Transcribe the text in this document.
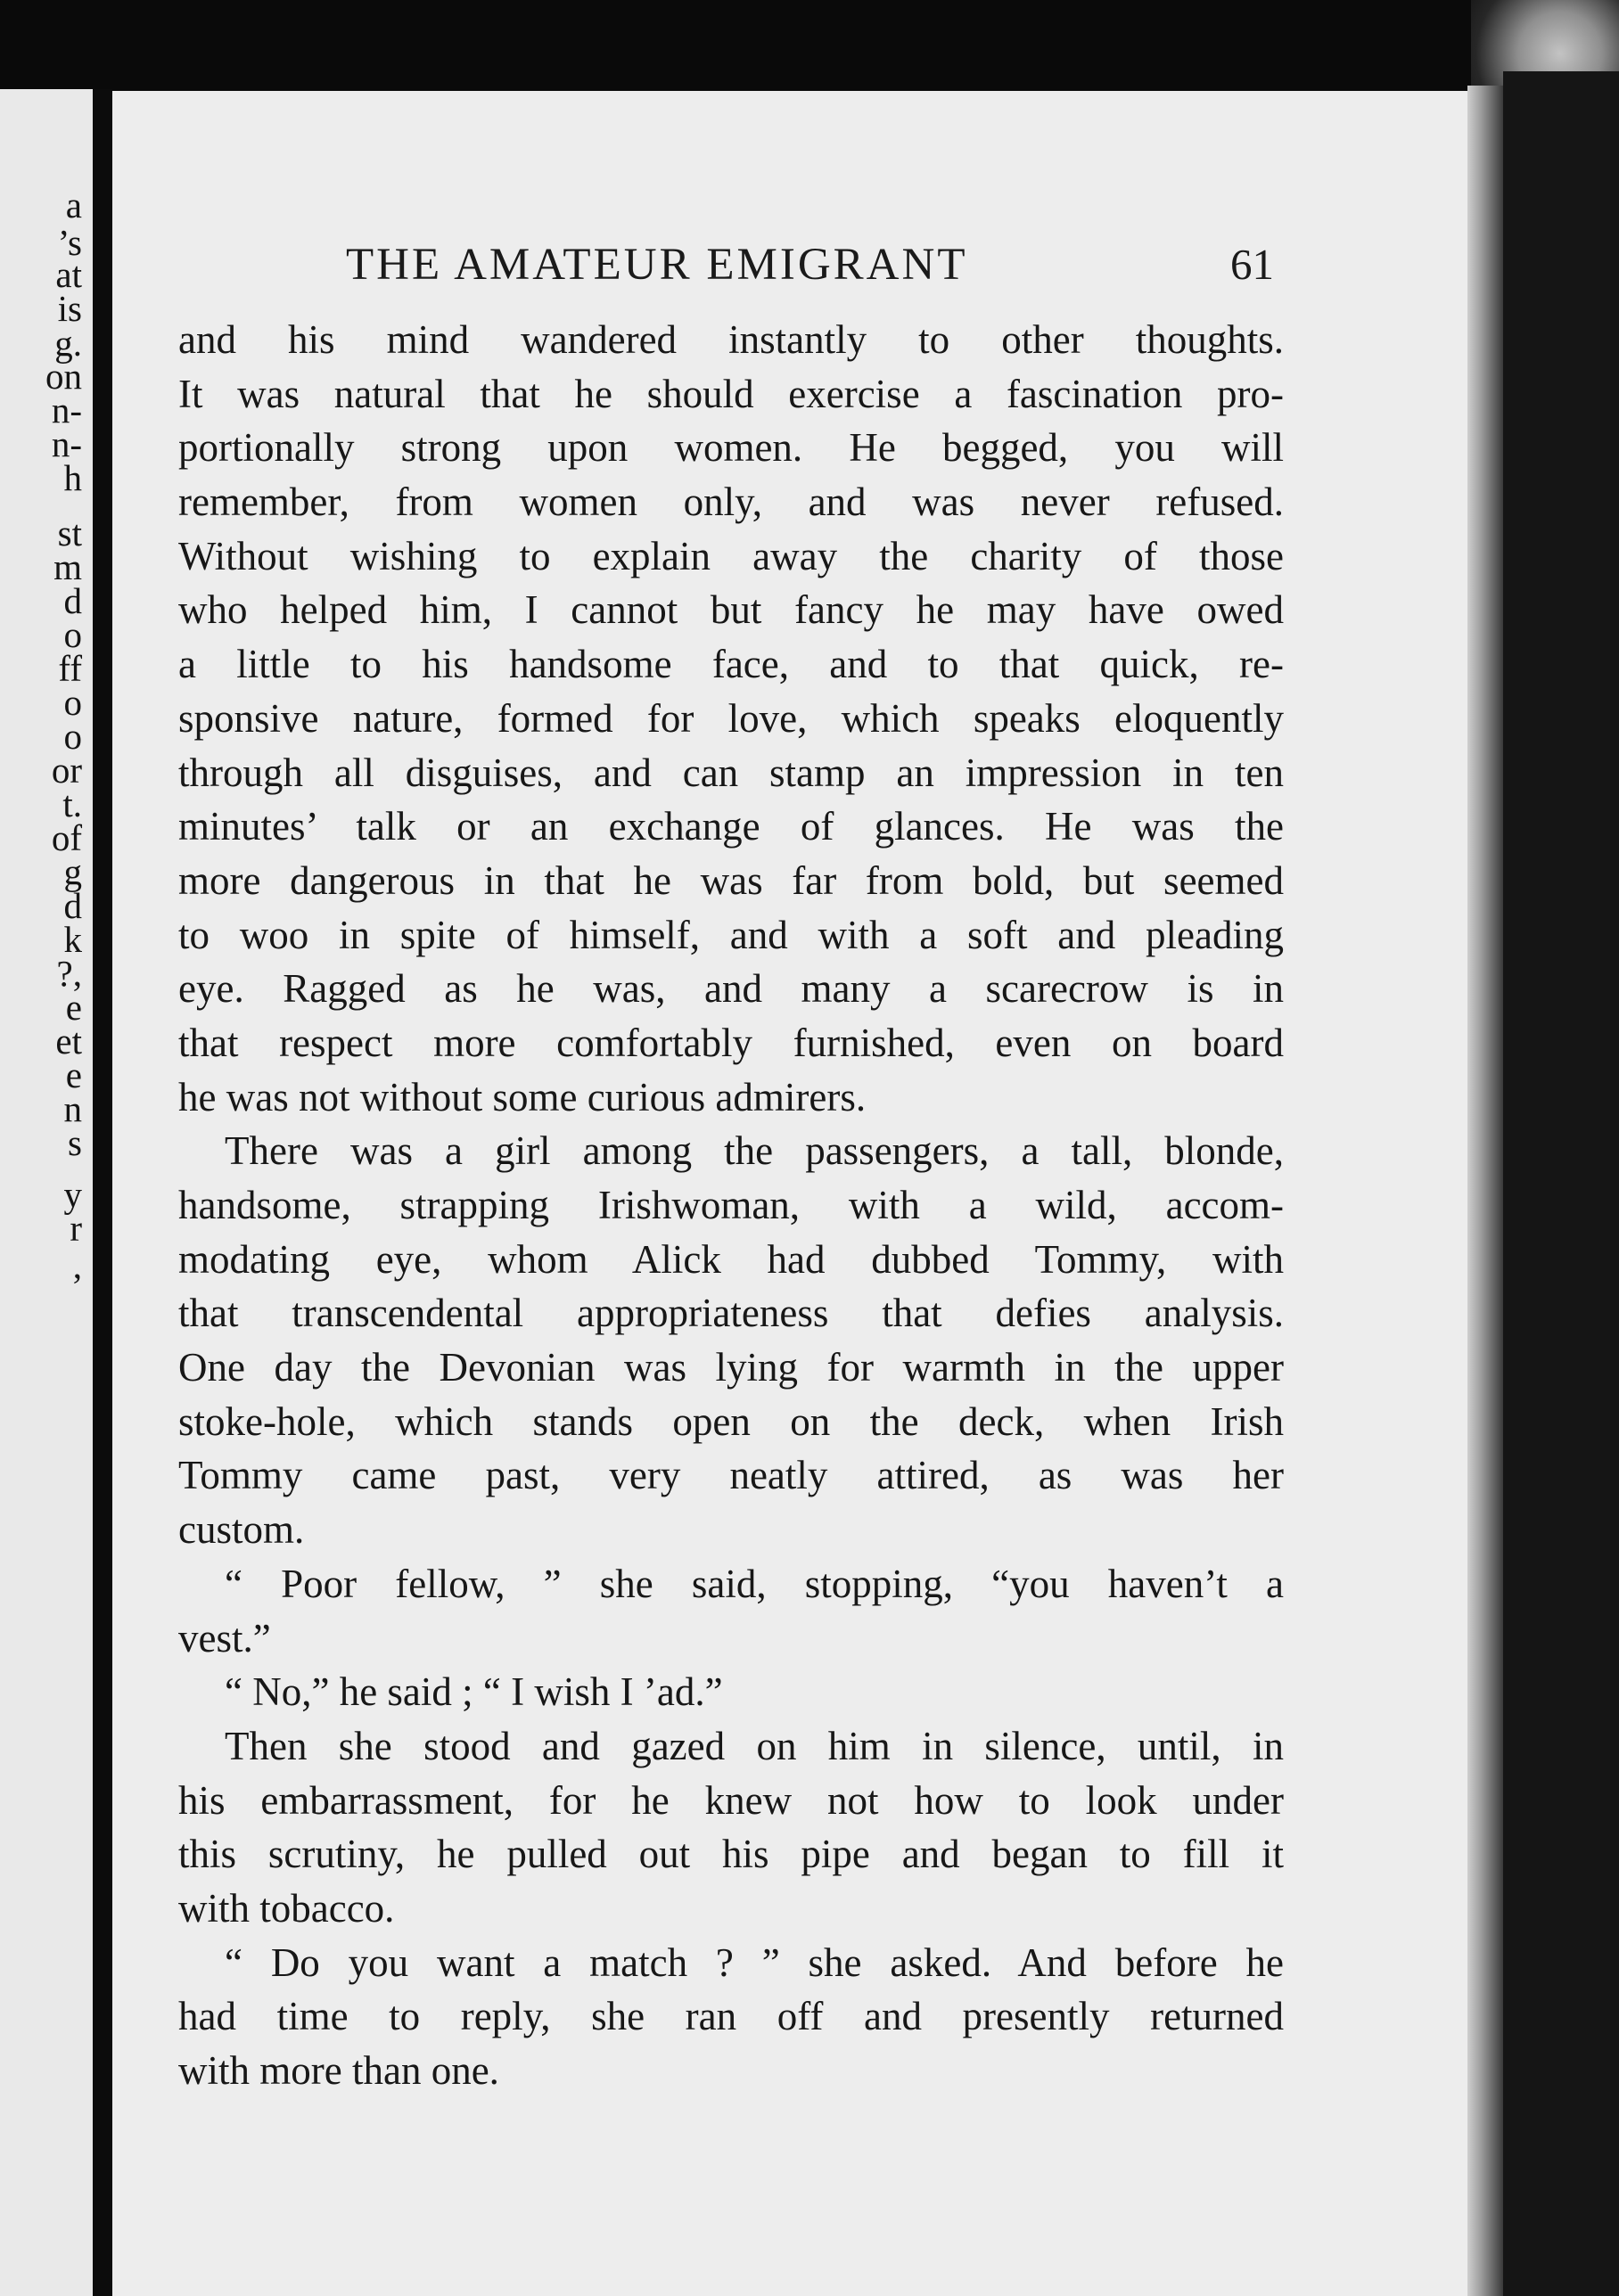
a
’s
at
is
g.
on
n-
n-
h
st
m
d
o
ff
o
o
or
t.
of
g
d
k
?,
e
et
e
n
s
y
r
,
THE AMATEUR EMIGRANT	61
and his mind wandered instantly to other thoughts.
It was natural that he should exercise a fascination pro-
portionally strong upon women. He begged, you will
remember, from women only, and was never refused.
Without wishing to explain away the charity of those
who helped him, I cannot but fancy he may have owed
a little to his handsome face, and to that quick, re-
sponsive nature, formed for love, which speaks eloquently
through all disguises, and can stamp an impression in ten
minutes’ talk or an exchange of glances. He was the
more dangerous in that he was far from bold, but seemed
to woo in spite of himself, and with a soft and pleading
eye. Ragged as he was, and many a scarecrow is in
that respect more comfortably furnished, even on board
he was not without some curious admirers.
There was a girl among the passengers, a tall, blonde,
handsome, strapping Irishwoman, with a wild, accom-
modating eye, whom Alick had dubbed Tommy, with
that transcendental appropriateness that defies analysis.
One day the Devonian was lying for warmth in the upper
stoke-hole, which stands open on the deck, when Irish
Tommy came past, very neatly attired, as was her
custom.
“ Poor fellow, ” she said, stopping, “you haven’t a
vest.”
“ No,” he said ; “ I wish I ’ad.”
Then she stood and gazed on him in silence, until, in
his embarrassment, for he knew not how to look under
this scrutiny, he pulled out his pipe and began to fill it
with tobacco.
“ Do you want a match ? ” she asked. And before he
had time to reply, she ran off and presently returned
with more than one.
